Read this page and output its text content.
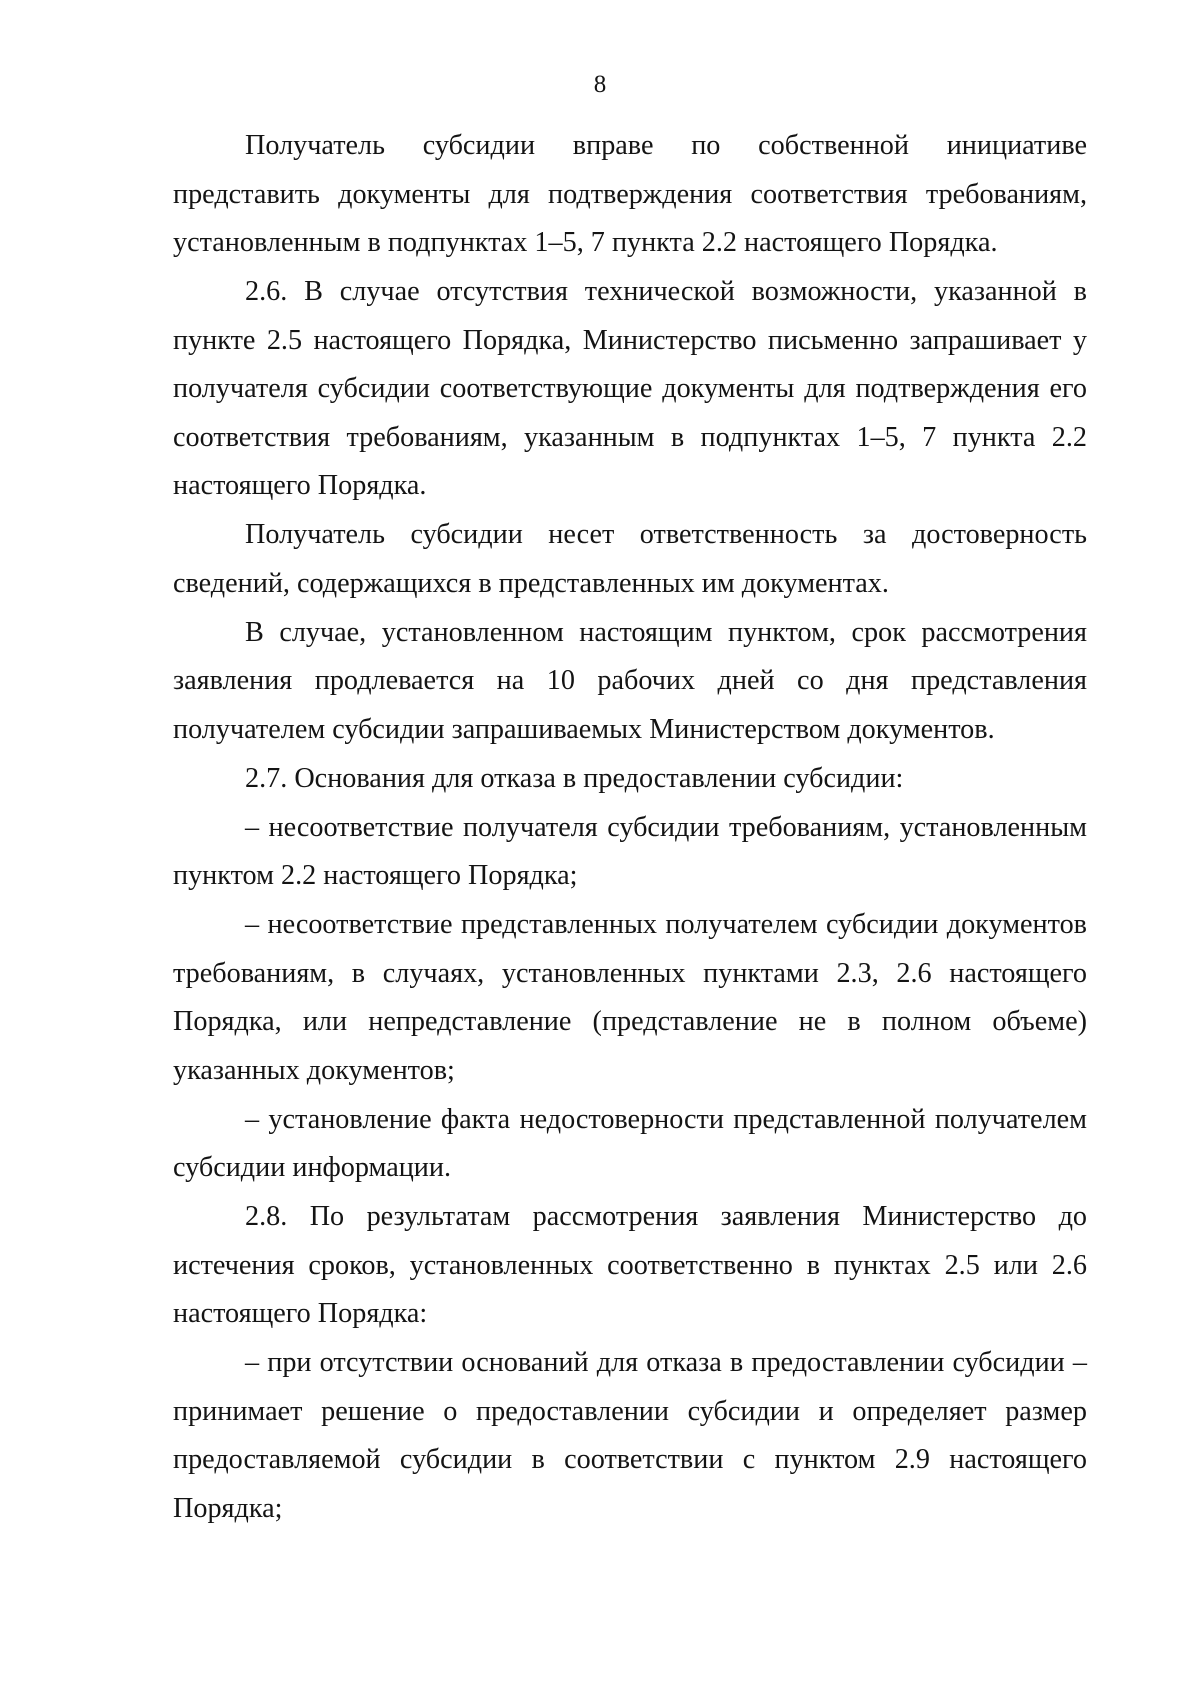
8

Получатель субсидии вправе по собственной инициативе представить документы для подтверждения соответствия требованиям, установленным в подпунктах 1–5, 7 пункта 2.2 настоящего Порядка.

2.6. В случае отсутствия технической возможности, указанной в пункте 2.5 настоящего Порядка, Министерство письменно запрашивает у получателя субсидии соответствующие документы для подтверждения его соответствия требованиям, указанным в подпунктах 1–5, 7 пункта 2.2 настоящего Порядка.

Получатель субсидии несет ответственность за достоверность сведений, содержащихся в представленных им документах.

В случае, установленном настоящим пунктом, срок рассмотрения заявления продлевается на 10 рабочих дней со дня представления получателем субсидии запрашиваемых Министерством документов.

2.7. Основания для отказа в предоставлении субсидии:

– несоответствие получателя субсидии требованиям, установленным пунктом 2.2 настоящего Порядка;

– несоответствие представленных получателем субсидии документов требованиям, в случаях, установленных пунктами 2.3, 2.6 настоящего Порядка, или непредставление (представление не в полном объеме) указанных документов;

– установление факта недостоверности представленной получателем субсидии информации.

2.8. По результатам рассмотрения заявления Министерство до истечения сроков, установленных соответственно в пунктах 2.5 или 2.6 настоящего Порядка:

– при отсутствии оснований для отказа в предоставлении субсидии – принимает решение о предоставлении субсидии и определяет размер предоставляемой субсидии в соответствии с пунктом 2.9 настоящего Порядка;
